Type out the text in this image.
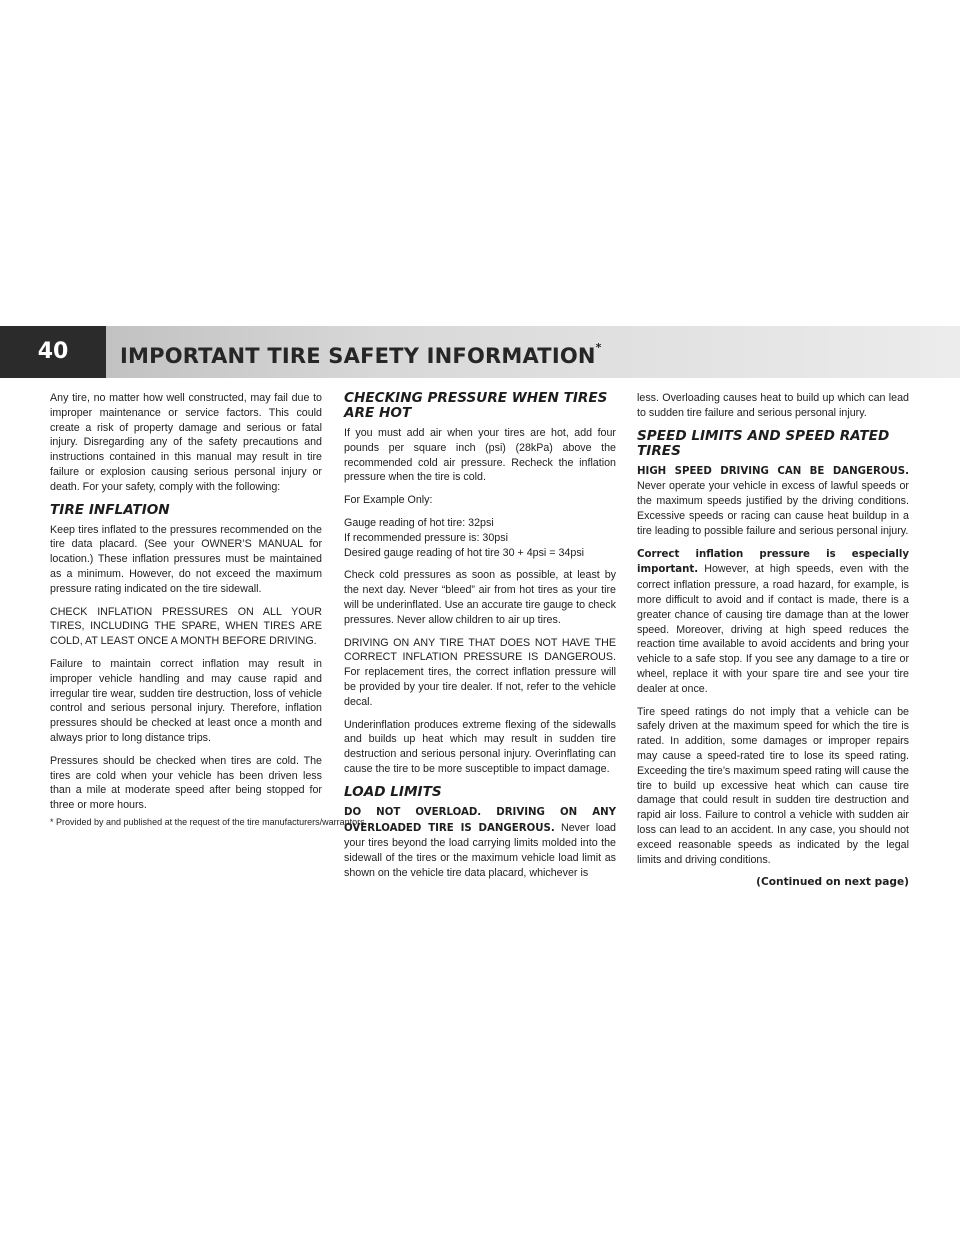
40	IMPORTANT TIRE SAFETY INFORMATION*

Any tire, no matter how well constructed, may fail due to improper maintenance or service factors. This could create a risk of property damage and serious or fatal injury. Disregarding any of the safety precautions and instructions contained in this manual may result in tire failure or explosion causing serious personal injury or death. For your safety, comply with the following:

TIRE INFLATION

Keep tires inflated to the pressures recommended on the tire data placard. (See your OWNER’S MANUAL for location.) These inflation pressures must be maintained as a minimum. However, do not exceed the maximum pressure rating indicated on the tire sidewall.

CHECK INFLATION PRESSURES ON ALL YOUR TIRES, INCLUDING THE SPARE, WHEN TIRES ARE COLD, AT LEAST ONCE A MONTH BEFORE DRIVING.

Failure to maintain correct inflation may result in improper vehicle handling and may cause rapid and irregular tire wear, sudden tire destruction, loss of vehicle control and serious personal injury. Therefore, inflation pressures should be checked at least once a month and always prior to long distance trips.

Pressures should be checked when tires are cold. The tires are cold when your vehicle has been driven less than a mile at moderate speed after being stopped for three or more hours.

CHECKING PRESSURE WHEN TIRES ARE HOT

If you must add air when your tires are hot, add four pounds per square inch (psi) (28kPa) above the recommended cold air pressure. Recheck the inflation pressure when the tire is cold.

For Example Only:

Gauge reading of hot tire: 32psi
If recommended pressure is: 30psi
Desired gauge reading of hot tire 30 + 4psi = 34psi

Check cold pressures as soon as possible, at least by the next day. Never “bleed” air from hot tires as your tire will be underinflated. Use an accurate tire gauge to check pressures. Never allow children to air up tires.

DRIVING ON ANY TIRE THAT DOES NOT HAVE THE CORRECT INFLATION PRESSURE IS DANGEROUS. For replacement tires, the correct inflation pressure will be provided by your tire dealer. If not, refer to the vehicle decal.

Underinflation produces extreme flexing of the sidewalls and builds up heat which may result in sudden tire destruction and serious personal injury. Overinflating can cause the tire to be more susceptible to impact damage.

LOAD LIMITS

DO NOT OVERLOAD. DRIVING ON ANY OVERLOADED TIRE IS DANGEROUS. Never load your tires beyond the load carrying limits molded into the sidewall of the tires or the maximum vehicle load limit as shown on the vehicle tire data placard, whichever is

less. Overloading causes heat to build up which can lead to sudden tire failure and serious personal injury.

SPEED LIMITS AND SPEED RATED TIRES

HIGH SPEED DRIVING CAN BE DANGEROUS. Never operate your vehicle in excess of lawful speeds or the maximum speeds justified by the driving conditions. Excessive speeds or racing can cause heat buildup in a tire leading to possible failure and serious personal injury.

Correct inflation pressure is especially important. However, at high speeds, even with the correct inflation pressure, a road hazard, for example, is more difficult to avoid and if contact is made, there is a greater chance of causing tire damage than at the lower speed. Moreover, driving at high speed reduces the reaction time available to avoid accidents and bring your vehicle to a safe stop. If you see any damage to a tire or wheel, replace it with your spare tire and see your tire dealer at once.

Tire speed ratings do not imply that a vehicle can be safely driven at the maximum speed for which the tire is rated. In addition, some damages or improper repairs may cause a speed-rated tire to lose its speed rating. Exceeding the tire’s maximum speed rating will cause the tire to build up excessive heat which can cause tire damage that could result in sudden tire destruction and rapid air loss. Failure to control a vehicle with sudden air loss can lead to an accident. In any case, you should not exceed reasonable speeds as indicated by the legal limits and driving conditions.

(Continued on next page)
* Provided by and published at the request of the tire manufacturers/warrantors.
